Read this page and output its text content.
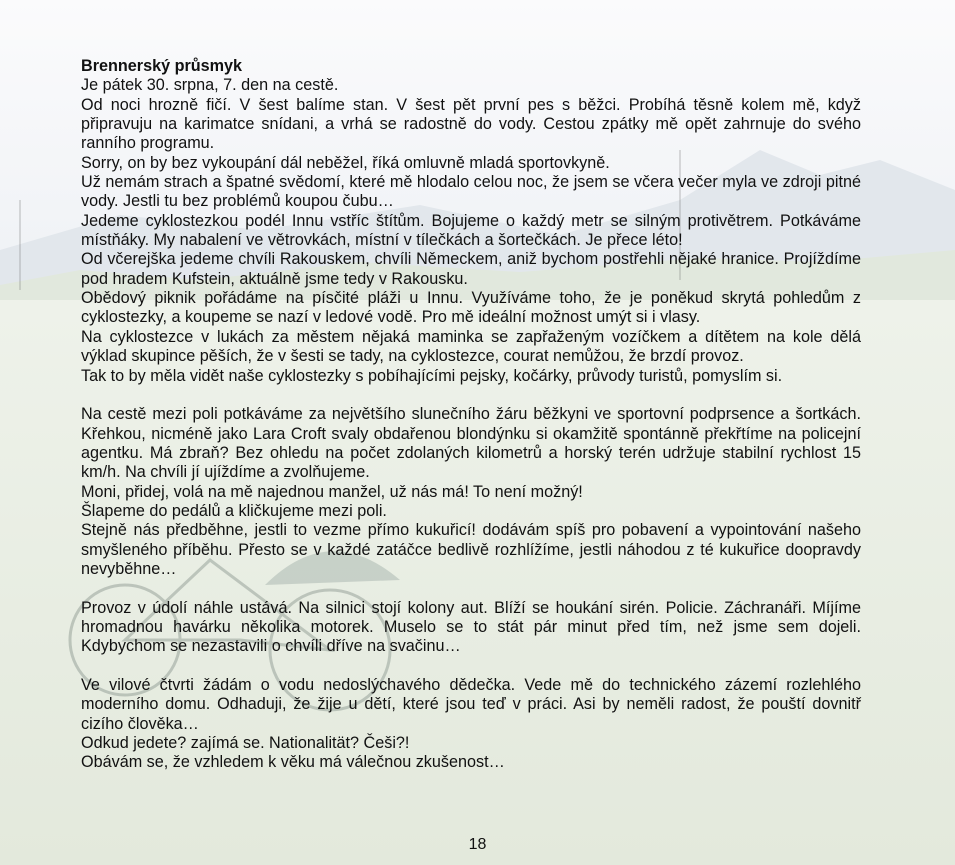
Brennerský průsmyk

Je pátek 30. srpna, 7. den na cestě.

Od noci hrozně fičí. V šest balíme stan. V šest pět první pes s běžci. Probíhá těsně kolem mě, když připravuju na karimatce snídani, a vrhá se radostně do vody. Cestou zpátky mě opět zahrnuje do svého ranního programu.

Sorry, on by bez vykoupání dál neběžel, říká omluvně mladá sportovkyně.

Už nemám strach a špatné svědomí, které mě hlodalo celou noc, že jsem se včera večer myla ve zdroji pitné vody. Jestli tu bez problémů koupou čubu…

Jedeme cyklostezkou podél Innu vstříc štítům. Bojujeme o každý metr se silným protivětrem. Potkáváme místňáky. My nabalení ve větrovkách, místní v tílečkách a šortečkách. Je přece léto!

Od včerejška jedeme chvíli Rakouskem, chvíli Německem, aniž bychom postřehli nějaké hranice. Projíždíme pod hradem Kufstein, aktuálně jsme tedy v Rakousku.

Obědový piknik pořádáme na písčité pláži u Innu. Využíváme toho, že je poněkud skrytá pohledům z cyklostezky, a koupeme se nazí v ledové vodě. Pro mě ideální možnost umýt si i vlasy.

Na cyklostezce v lukách za městem nějaká maminka se zapřaženým vozíčkem a dítětem na kole dělá výklad skupince pěších, že v šesti se tady, na cyklostezce, courat nemůžou, že brzdí provoz.

Tak to by měla vidět naše cyklostezky s pobíhajícími pejsky, kočárky, průvody turistů, pomyslím si.

Na cestě mezi poli potkáváme za největšího slunečního žáru běžkyni ve sportovní podprsence a šortkách. Křehkou, nicméně jako Lara Croft svaly obdařenou blondýnku si okamžitě spontánně překřtíme na policejní agentku. Má zbraň? Bez ohledu na počet zdolaných kilometrů a horský terén udržuje stabilní rychlost 15 km/h. Na chvíli jí ujíždíme a zvolňujeme.

Moni, přidej, volá na mě najednou manžel, už nás má! To není možný!

Šlapeme do pedálů a kličkujeme mezi poli.

Stejně nás předběhne, jestli to vezme přímo kukuřicí! dodávám spíš pro pobavení a vypointování našeho smyšleného příběhu. Přesto se v každé zatáčce bedlivě rozhlížíme, jestli náhodou z té kukuřice doopravdy nevyběhne…

Provoz v údolí náhle ustává. Na silnici stojí kolony aut. Blíží se houkání sirén. Policie. Záchranáři. Míjíme hromadnou havárku několika motorek. Muselo se to stát pár minut před tím, než jsme sem dojeli. Kdybychom se nezastavili o chvíli dříve na svačinu…

Ve vilové čtvrti žádám o vodu nedoslýchavého dědečka. Vede mě do technického zázemí rozlehlého moderního domu. Odhaduji, že žije u dětí, které jsou teď v práci. Asi by neměli radost, že pouští dovnitř cizího člověka…

Odkud jedete? zajímá se. Nationalität? Češi?!

Obávám se, že vzhledem k věku má válečnou zkušenost…

18
